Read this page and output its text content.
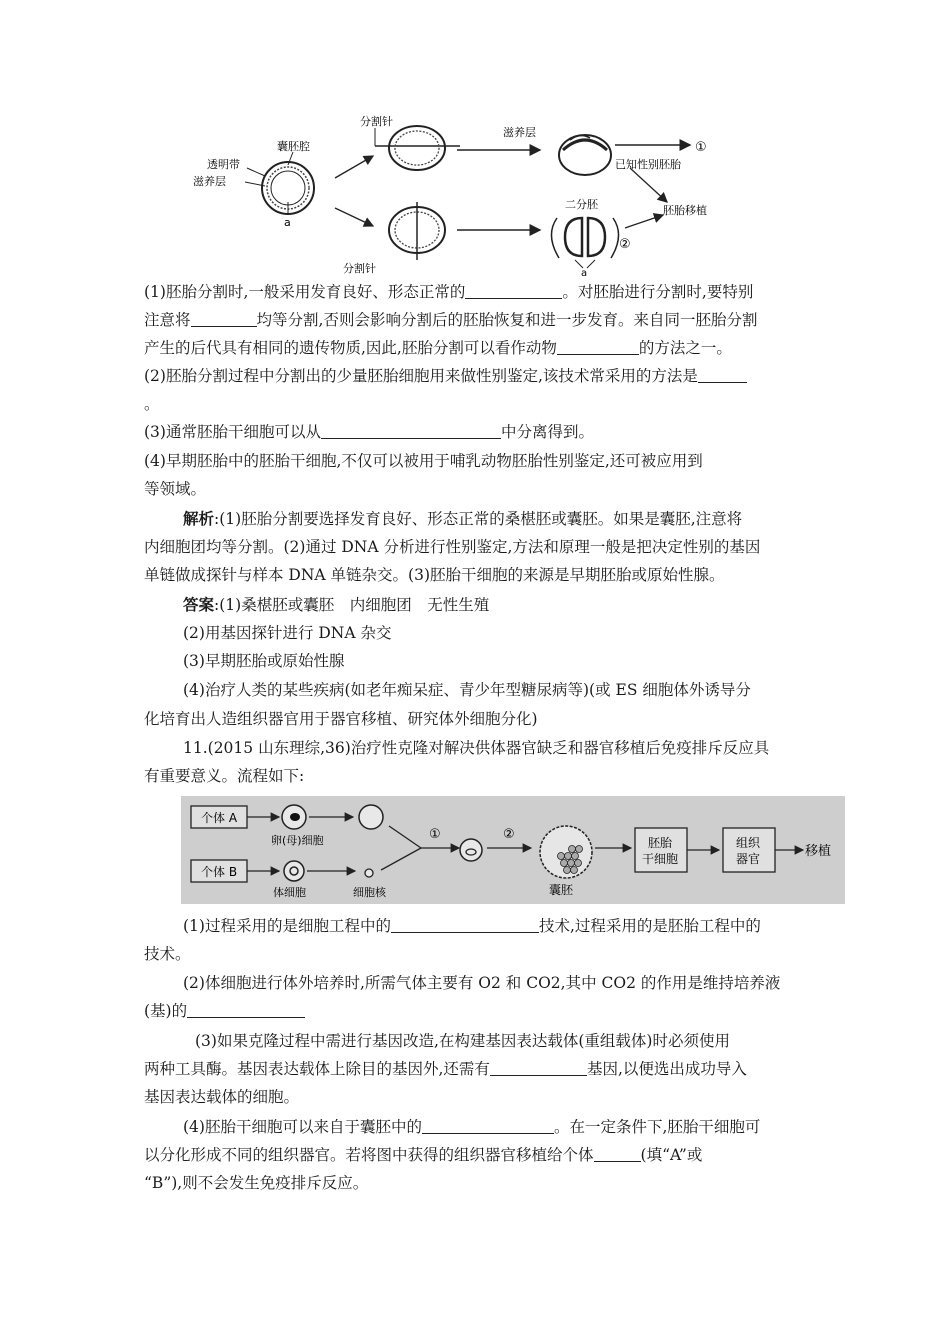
透明带
囊胚腔
滋养层
a
分割针
分割针
滋养层
①
已知性别胚胎
二分胚
a
②
胚胎移植
(1)胚胎分割时,一般采用发育良好、形态正常的	。对胚胎进行分割时,要特别
注意将	均等分割,否则会影响分割后的胚胎恢复和进一步发育。来自同一胚胎分割
产生的后代具有相同的遗传物质,因此,胚胎分割可以看作动物	的方法之一。
(2)胚胎分割过程中分割出的少量胚胎细胞用来做性别鉴定,该技术常采用的方法是
。
(3)通常胚胎干细胞可以从	中分离得到。
(4)早期胚胎中的胚胎干细胞,不仅可以被用于哺乳动物胚胎性别鉴定,还可被应用到
等领域。
解析:(1)胚胎分割要选择发育良好、形态正常的桑椹胚或囊胚。如果是囊胚,注意将
内细胞团均等分割。(2)通过 DNA 分析进行性别鉴定,方法和原理一般是把决定性别的基因
单链做成探针与样本 DNA 单链杂交。(3)胚胎干细胞的来源是早期胚胎或原始性腺。
答案:(1)桑椹胚或囊胚　内细胞团　无性生殖
(2)用基因探针进行 DNA 杂交
(3)早期胚胎或原始性腺
(4)治疗人类的某些疾病(如老年痴呆症、青少年型糖尿病等)(或 ES 细胞体外诱导分
化培育出人造组织器官用于器官移植、研究体外细胞分化)
11.(2015 山东理综,36)治疗性克隆对解决供体器官缺乏和器官移植后免疫排斥反应具
有重要意义。流程如下:
个体 A
卵(母)细胞
个体 B
体细胞	细胞核
①	②
囊胚
胚胎
干细胞
组织
器官	移植
(1)过程采用的是细胞工程中的	技术,过程采用的是胚胎工程中的
技术。
(2)体细胞进行体外培养时,所需气体主要有 O2 和 CO2,其中 CO2 的作用是维持培养液
(基)的
(3)如果克隆过程中需进行基因改造,在构建基因表达载体(重组载体)时必须使用
两种工具酶。基因表达载体上除目的基因外,还需有	基因,以便选出成功导入
基因表达载体的细胞。
(4)胚胎干细胞可以来自于囊胚中的	。在一定条件下,胚胎干细胞可
以分化形成不同的组织器官。若将图中获得的组织器官移植给个体	(填“A”或
“B”),则不会发生免疫排斥反应。
